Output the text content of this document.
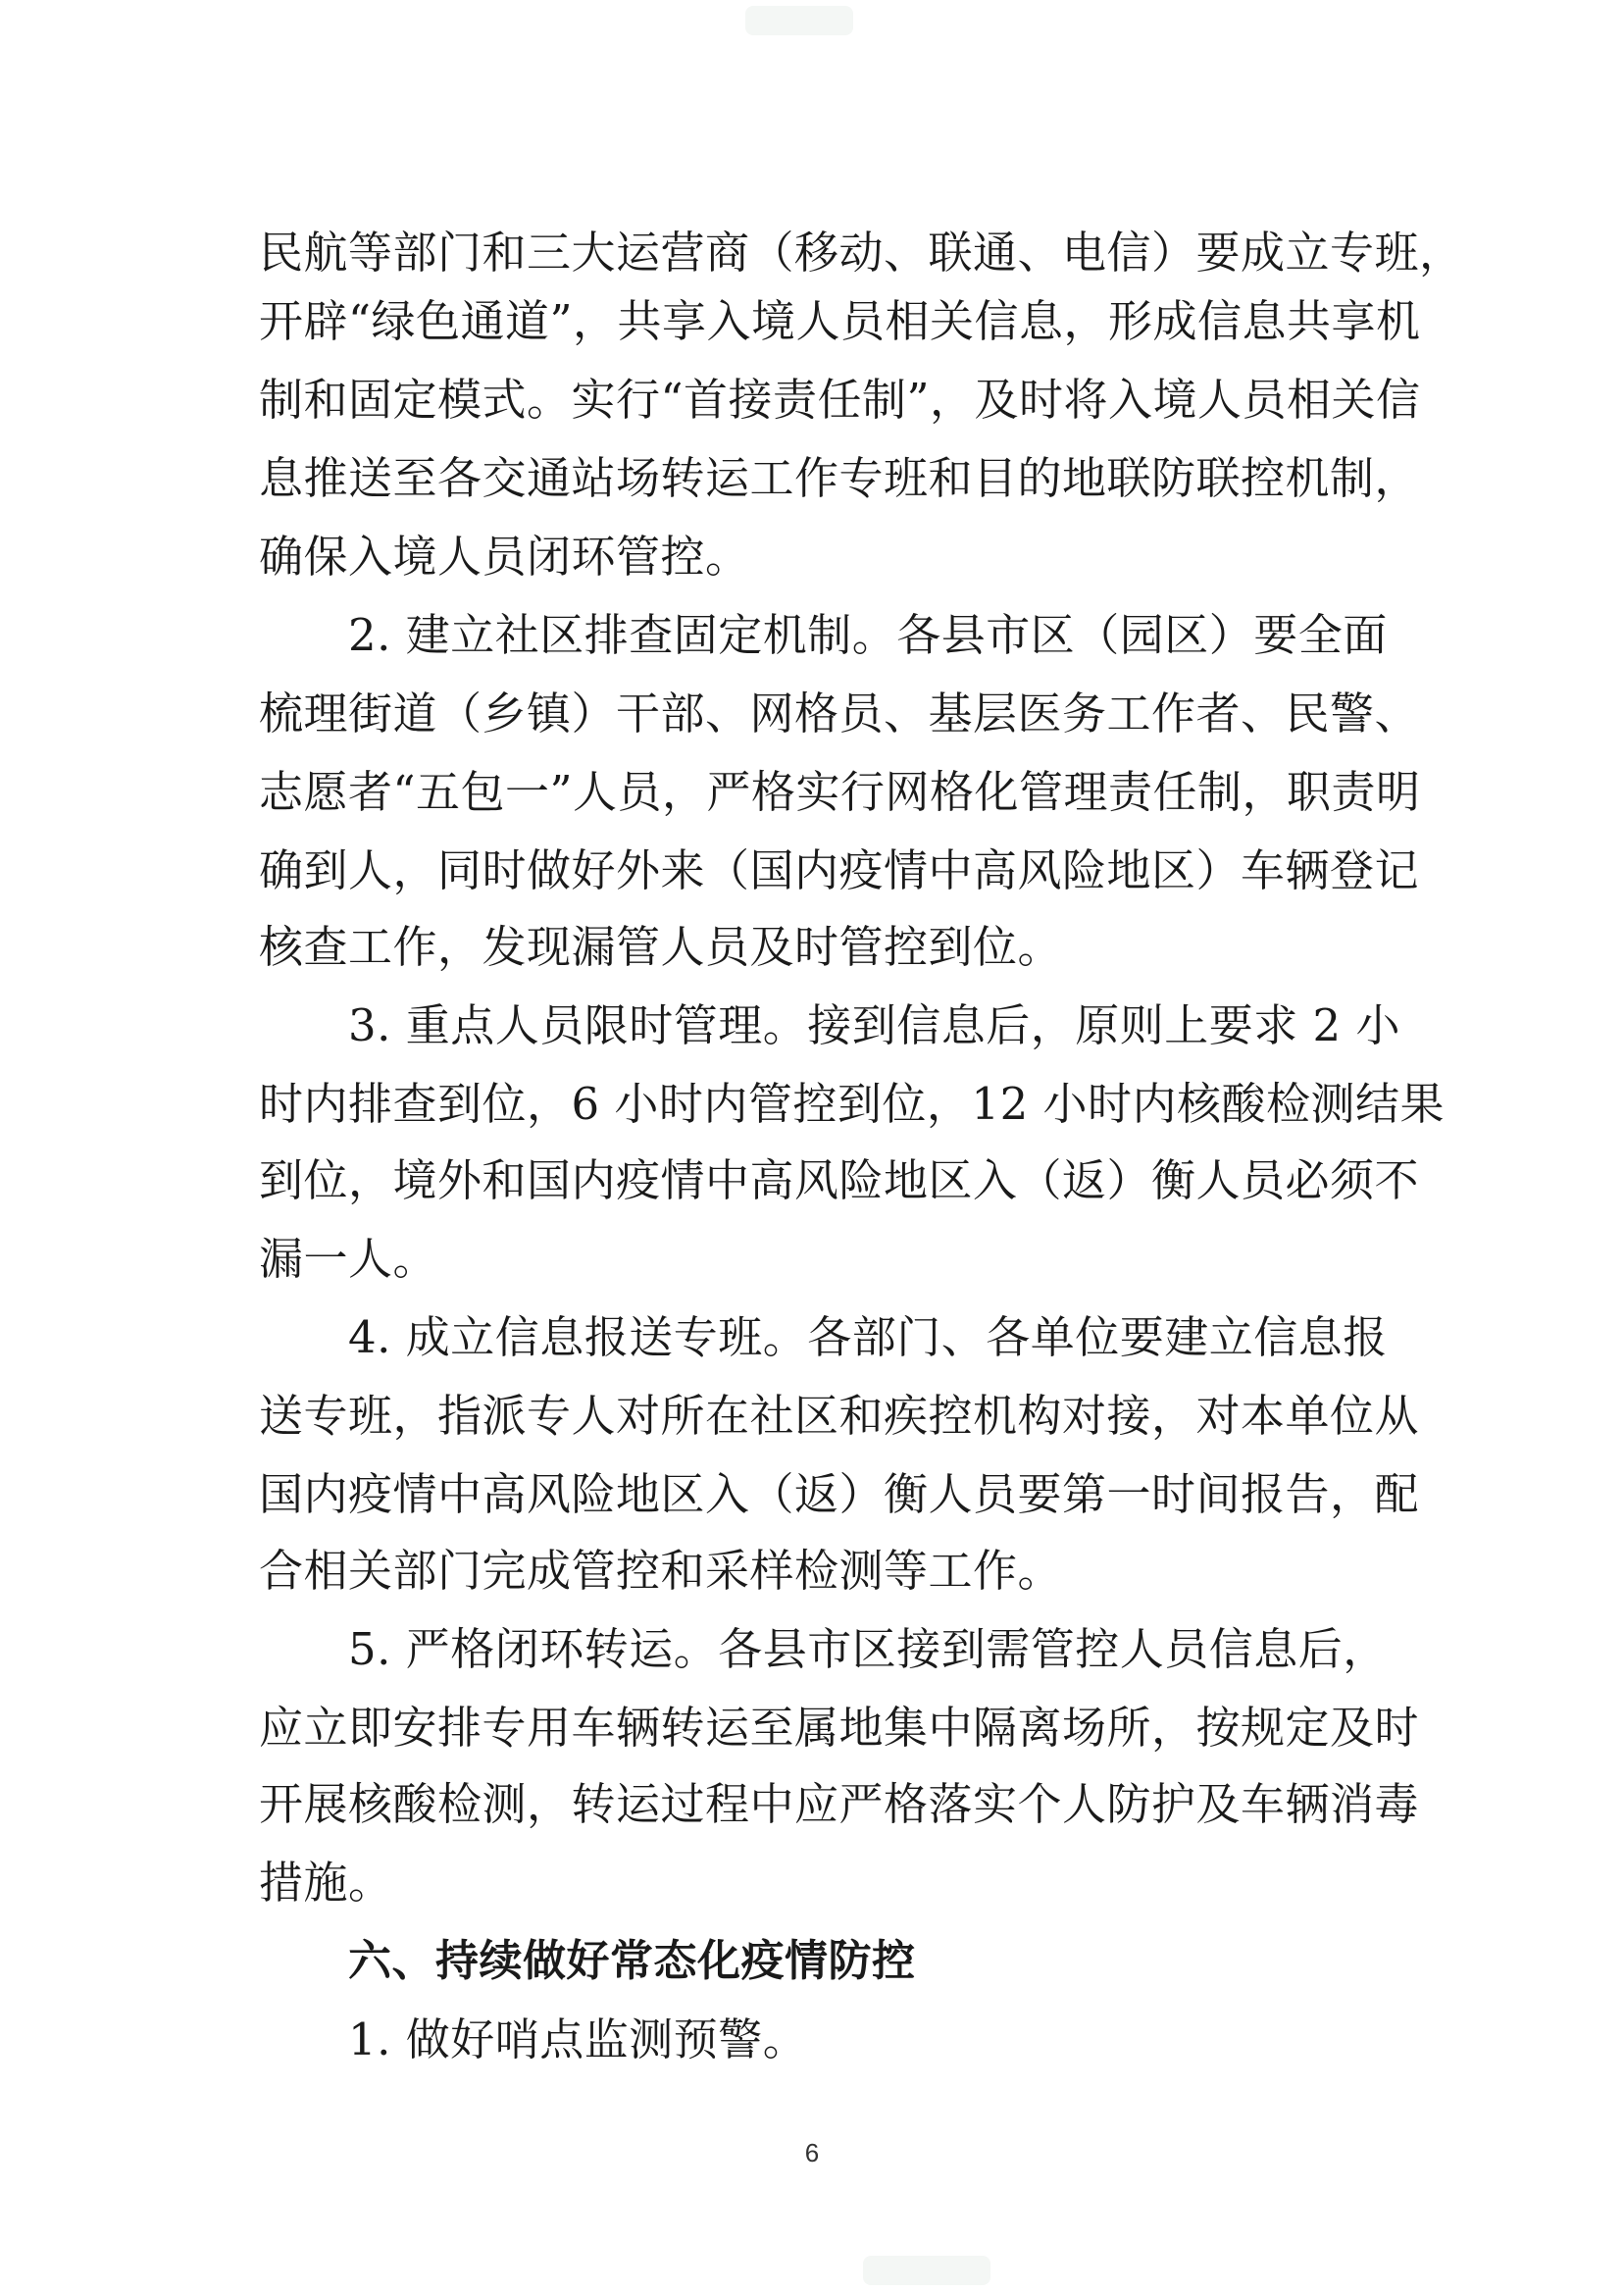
民航等部门和三大运营商（移动、联通、电信）要成立专班，
开辟“绿色通道”，共享入境人员相关信息，形成信息共享机
制和固定模式。实行“首接责任制”，及时将入境人员相关信
息推送至各交通站场转运工作专班和目的地联防联控机制，
确保入境人员闭环管控。
2. 建立社区排查固定机制。各县市区（园区）要全面
梳理街道（乡镇）干部、网格员、基层医务工作者、民警、
志愿者“五包一”人员，严格实行网格化管理责任制，职责明
确到人，同时做好外来（国内疫情中高风险地区）车辆登记
核查工作，发现漏管人员及时管控到位。
3. 重点人员限时管理。接到信息后，原则上要求 2 小
时内排查到位，6 小时内管控到位，12 小时内核酸检测结果
到位，境外和国内疫情中高风险地区入（返）衡人员必须不
漏一人。
4. 成立信息报送专班。各部门、各单位要建立信息报
送专班，指派专人对所在社区和疾控机构对接，对本单位从
国内疫情中高风险地区入（返）衡人员要第一时间报告，配
合相关部门完成管控和采样检测等工作。
5. 严格闭环转运。各县市区接到需管控人员信息后，
应立即安排专用车辆转运至属地集中隔离场所，按规定及时
开展核酸检测，转运过程中应严格落实个人防护及车辆消毒
措施。
六、持续做好常态化疫情防控
1. 做好哨点监测预警。
6
